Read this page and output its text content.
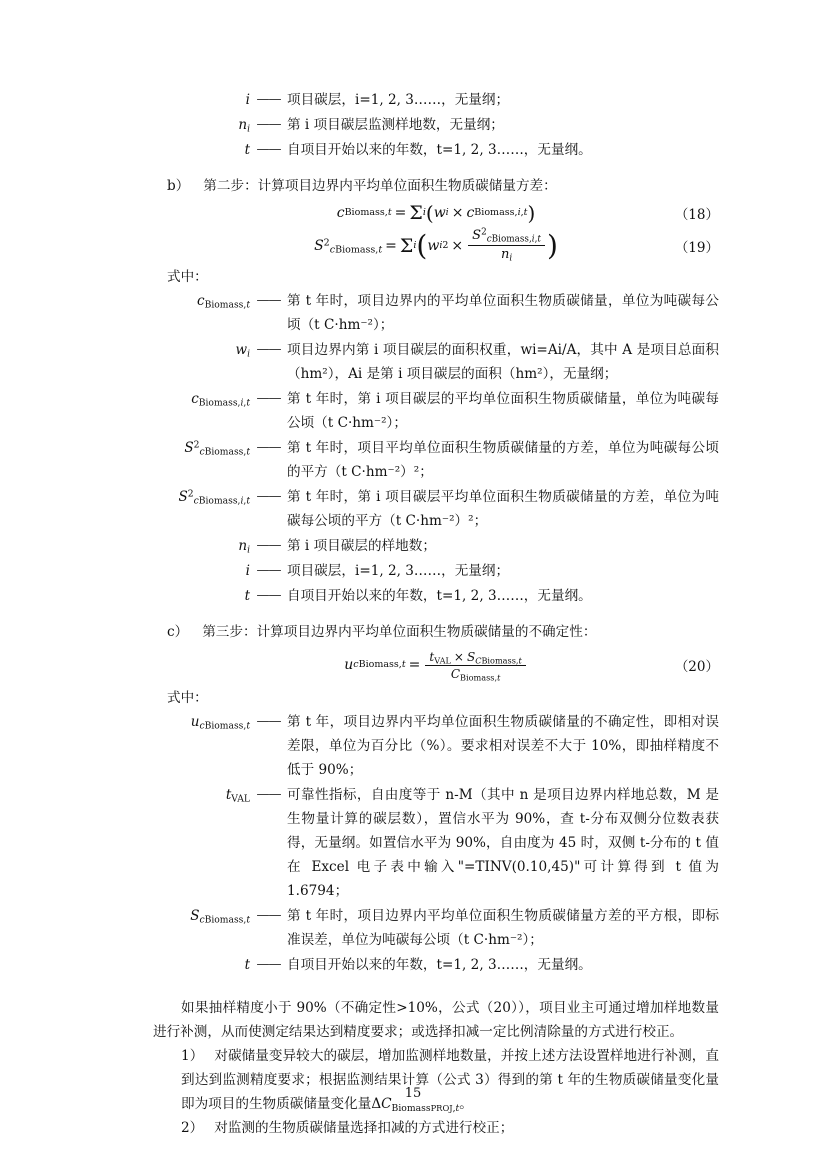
i —— 项目碳层，i=1, 2, 3……，无量纲；
$n_i$ —— 第 i 项目碳层监测样地数，无量纲；
t —— 自项目开始以来的年数，t=1, 2, 3……，无量纲。
b） 第二步：计算项目边界内平均单位面积生物质碳储量方差：
c Biomass,t = Σ i ( w i × c Biomass,i,t )	（18）
$S^2_{cBiomass,t} = \Sigma$ i ( w i $2 \times \frac{S^2_{cBiomass,i,t}}{n_i}$ )	（19）
式中：
$c_{Biomass,t}$ —— 第 t 年时，项目边界内的平均单位面积生物质碳储量，单位为吨碳每公顷（t C·hm⁻²）；
$w_i$ —— 项目边界内第 i 项目碳层的面积权重，wi=Ai/A，其中 A 是项目总面积（hm²），Ai 是第 i 项目碳层的面积（hm²），无量纲；
$c_{Biomass,i,t}$ —— 第 t 年时，第 i 项目碳层的平均单位面积生物质碳储量，单位为吨碳每公顷（t C·hm⁻²）；
$S^2_{cBiomass,t}$ —— 第 t 年时，项目平均单位面积生物质碳储量的方差，单位为吨碳每公顷的平方（t C·hm⁻²）²；
$S^2_{cBiomass,i,t}$ —— 第 t 年时，第 i 项目碳层平均单位面积生物质碳储量的方差，单位为吨碳每公顷的平方（t C·hm⁻²）²；
$n_i$ —— 第 i 项目碳层的样地数；
i —— 项目碳层，i=1, 2, 3……，无量纲；
t —— 自项目开始以来的年数，t=1, 2, 3……，无量纲。
c） 第三步：计算项目边界内平均单位面积生物质碳储量的不确定性：
u cBiomass,t = $\frac{t_{VAL} \times S_{CBiomass,t}}{C_{Biomass,t}}$	（20）
式中：
$u_{cBiomass,t}$ —— 第 t 年，项目边界内平均单位面积生物质碳储量的不确定性，即相对误差限，单位为百分比（%）。要求相对误差不大于 10%，即抽样精度不低于 90%；
$t_{VAL}$ —— 可靠性指标，自由度等于 n-M（其中 n 是项目边界内样地总数，M 是生物量计算的碳层数），置信水平为 90%，查 t-分布双侧分位数表获得，无量纲。如置信水平为 90%，自由度为 45 时，双侧 t-分布的 t 值在 Excel 电子表中输入"=TINV(0.10,45)"可计算得到 t 值为 1.6794；
$S_{cBiomass,t}$ —— 第 t 年时，项目边界内平均单位面积生物质碳储量方差的平方根，即标准误差，单位为吨碳每公顷（t C·hm⁻²）；
t —— 自项目开始以来的年数，t=1, 2, 3……，无量纲。
如果抽样精度小于 90%（不确定性>10%，公式（20）），项目业主可通过增加样地数量进行补测，从而使测定结果达到精度要求；或选择扣减一定比例清除量的方式进行校正。
1） 对碳储量变异较大的碳层，增加监测样地数量，并按上述方法设置样地进行补测，直到达到监测精度要求；根据监测结果计算（公式 3）得到的第 t 年的生物质碳储量变化量即为项目的生物质碳储量变化量$\Delta C_{BiomassPROJ,t}$。
2） 对监测的生物质碳储量选择扣减的方式进行校正；
15
